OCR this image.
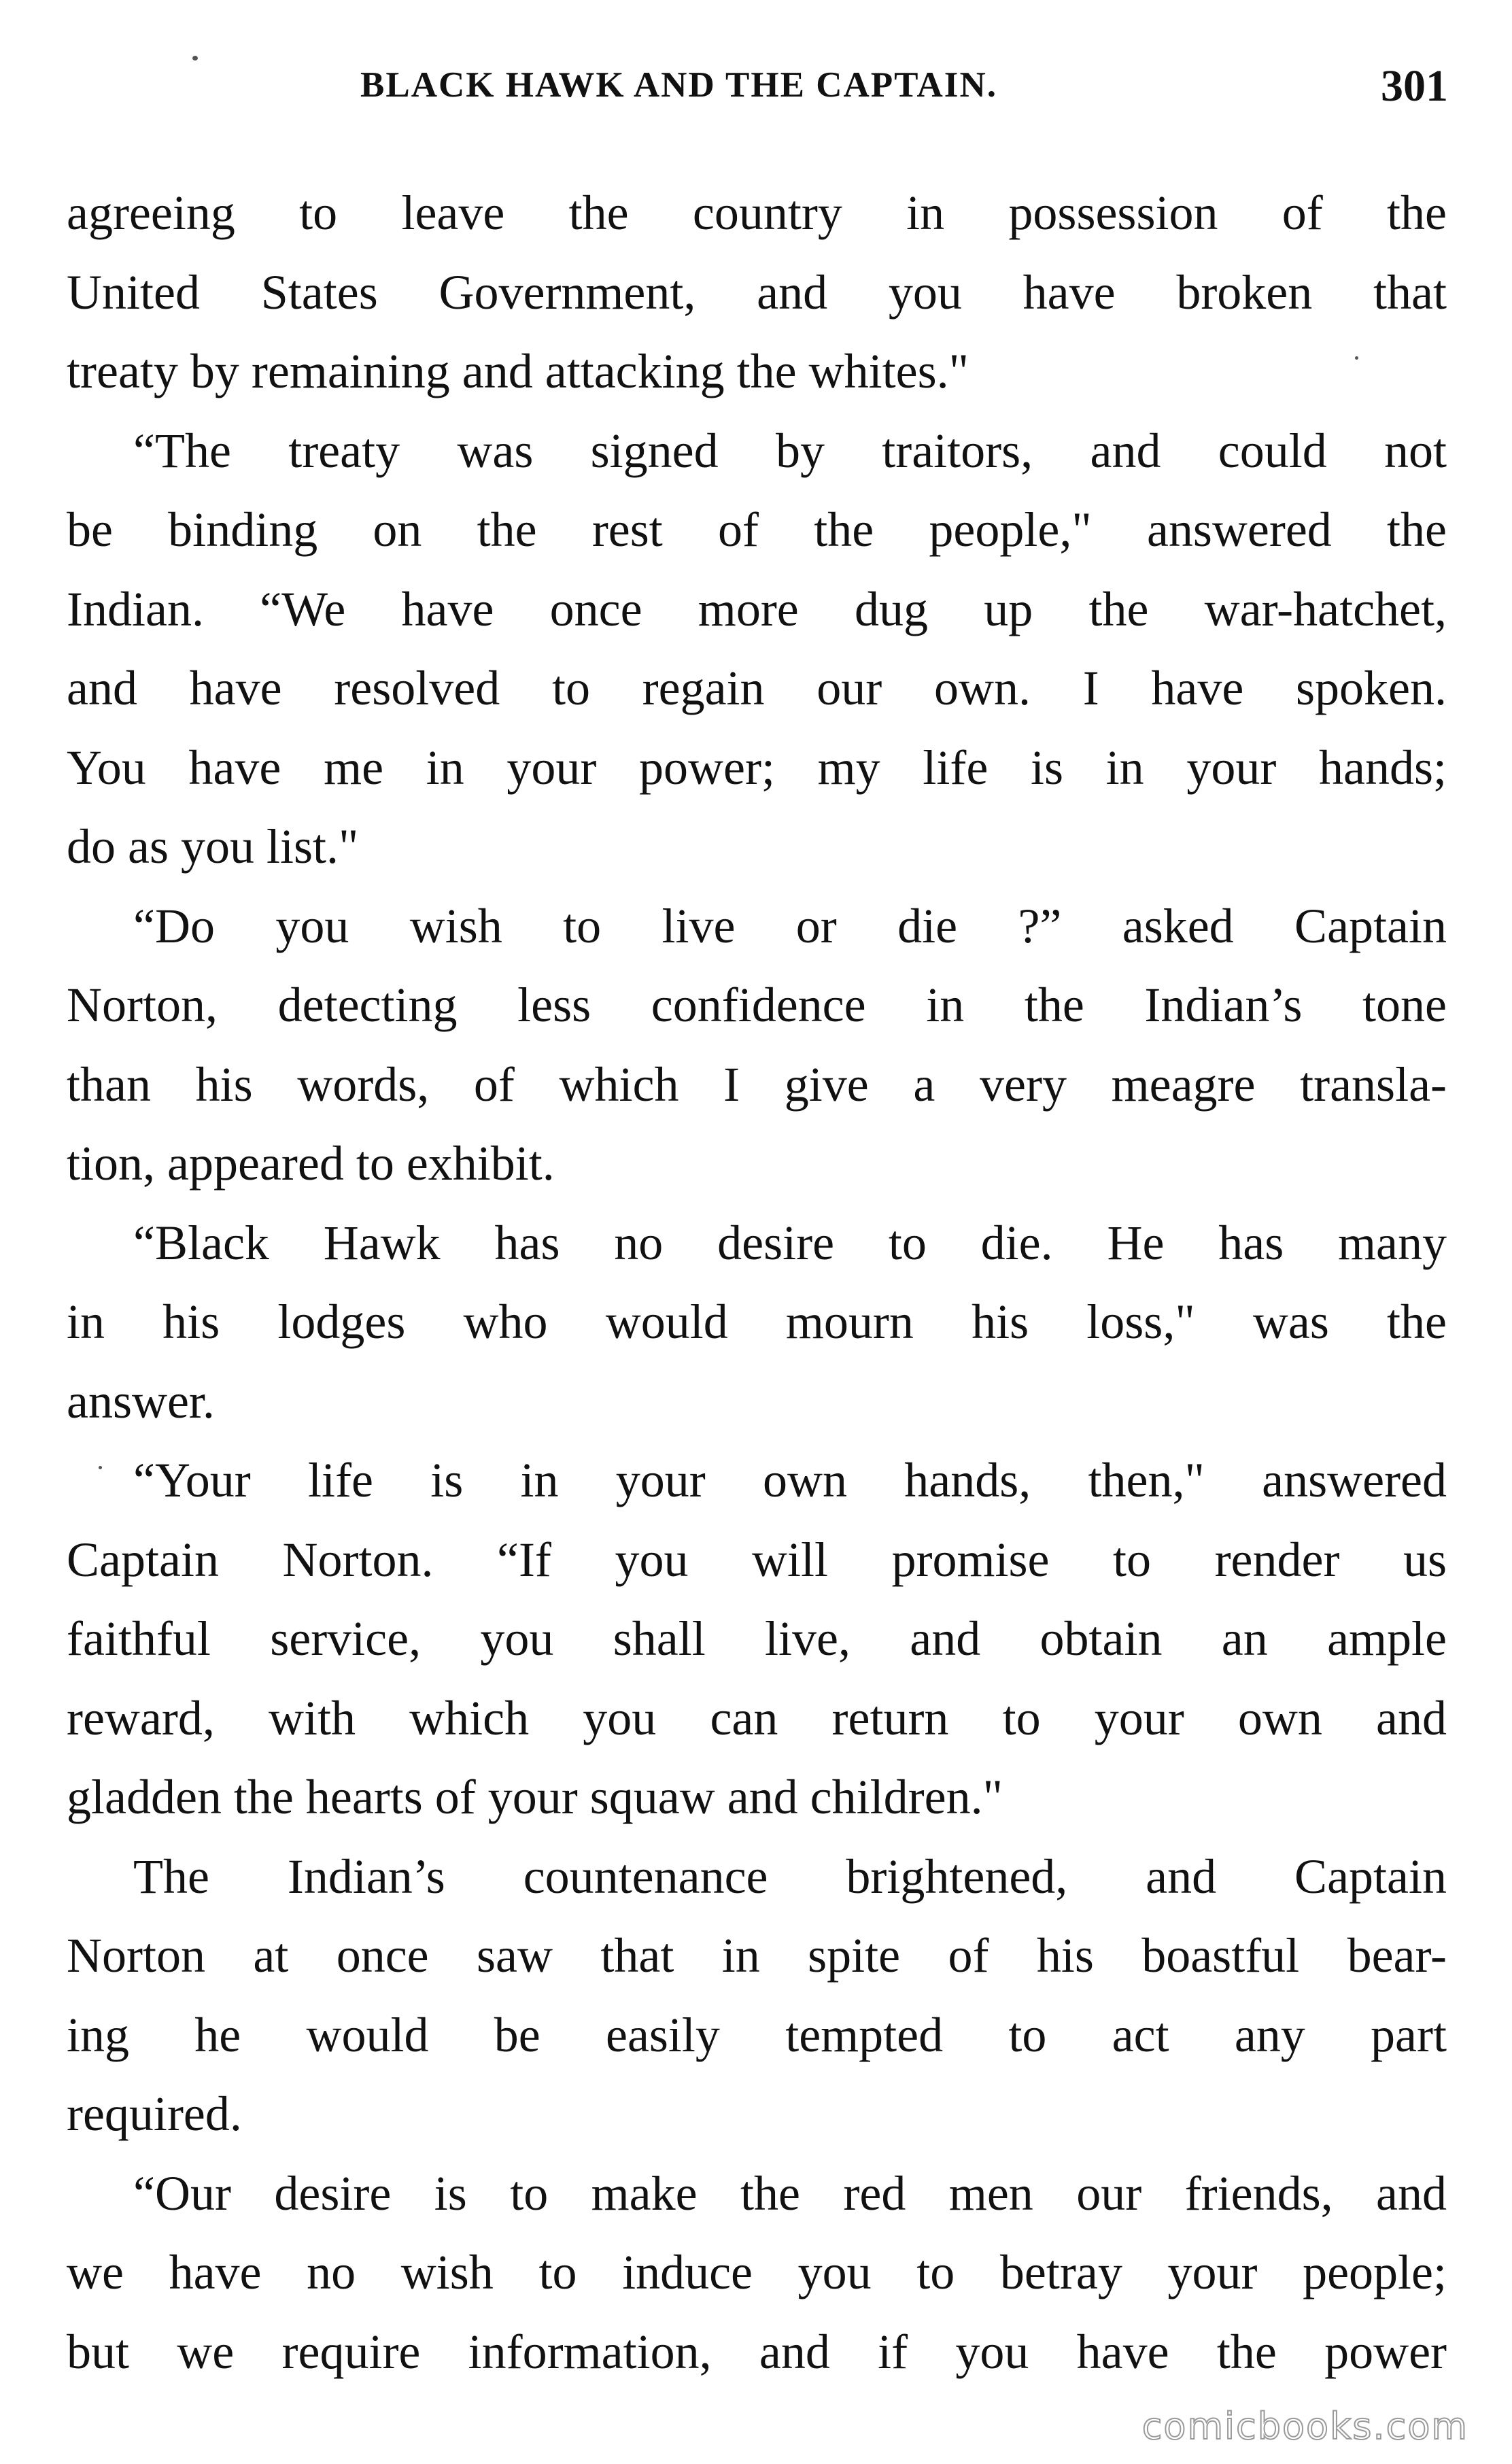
BLACK HAWK AND THE CAPTAIN.	301
agreeing to leave the country in possession of the
United States Government, and you have broken that
treaty by remaining and attacking the whites."
“The treaty was signed by traitors, and could not
be binding on the rest of the people," answered the
Indian. “We have once more dug up the war-hatchet,
and have resolved to regain our own. I have spoken.
You have me in your power; my life is in your hands;
do as you list."
“Do you wish to live or die ?” asked Captain
Norton, detecting less confidence in the Indian’s tone
than his words, of which I give a very meagre transla-
tion, appeared to exhibit.
“Black Hawk has no desire to die. He has many
in his lodges who would mourn his loss," was the
answer.
“Your life is in your own hands, then," answered
Captain Norton. “If you will promise to render us
faithful service, you shall live, and obtain an ample
reward, with which you can return to your own and
gladden the hearts of your squaw and children."
The Indian’s countenance brightened, and Captain
Norton at once saw that in spite of his boastful bear-
ing he would be easily tempted to act any part
required.
“Our desire is to make the red men our friends, and
we have no wish to induce you to betray your people;
but we require information, and if you have the power
comicbooks.com
